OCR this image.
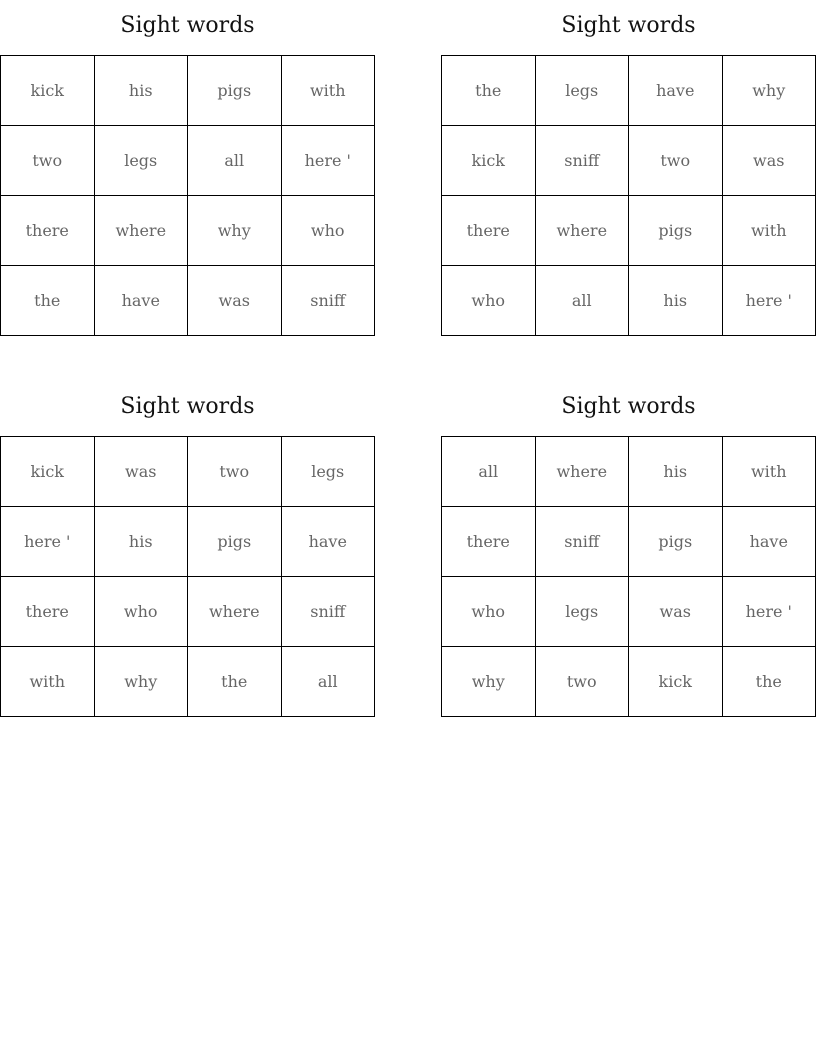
Sight words
kick	his	pigs	with
two	legs	all	here '
there	where	why	who
the	have	was	sniff
Sight words
the	legs	have	why
kick	sniff	two	was
there	where	pigs	with
who	all	his	here '
Sight words
kick	was	two	legs
here '	his	pigs	have
there	who	where	sniff
with	why	the	all
Sight words
all	where	his	with
there	sniff	pigs	have
who	legs	was	here '
why	two	kick	the
